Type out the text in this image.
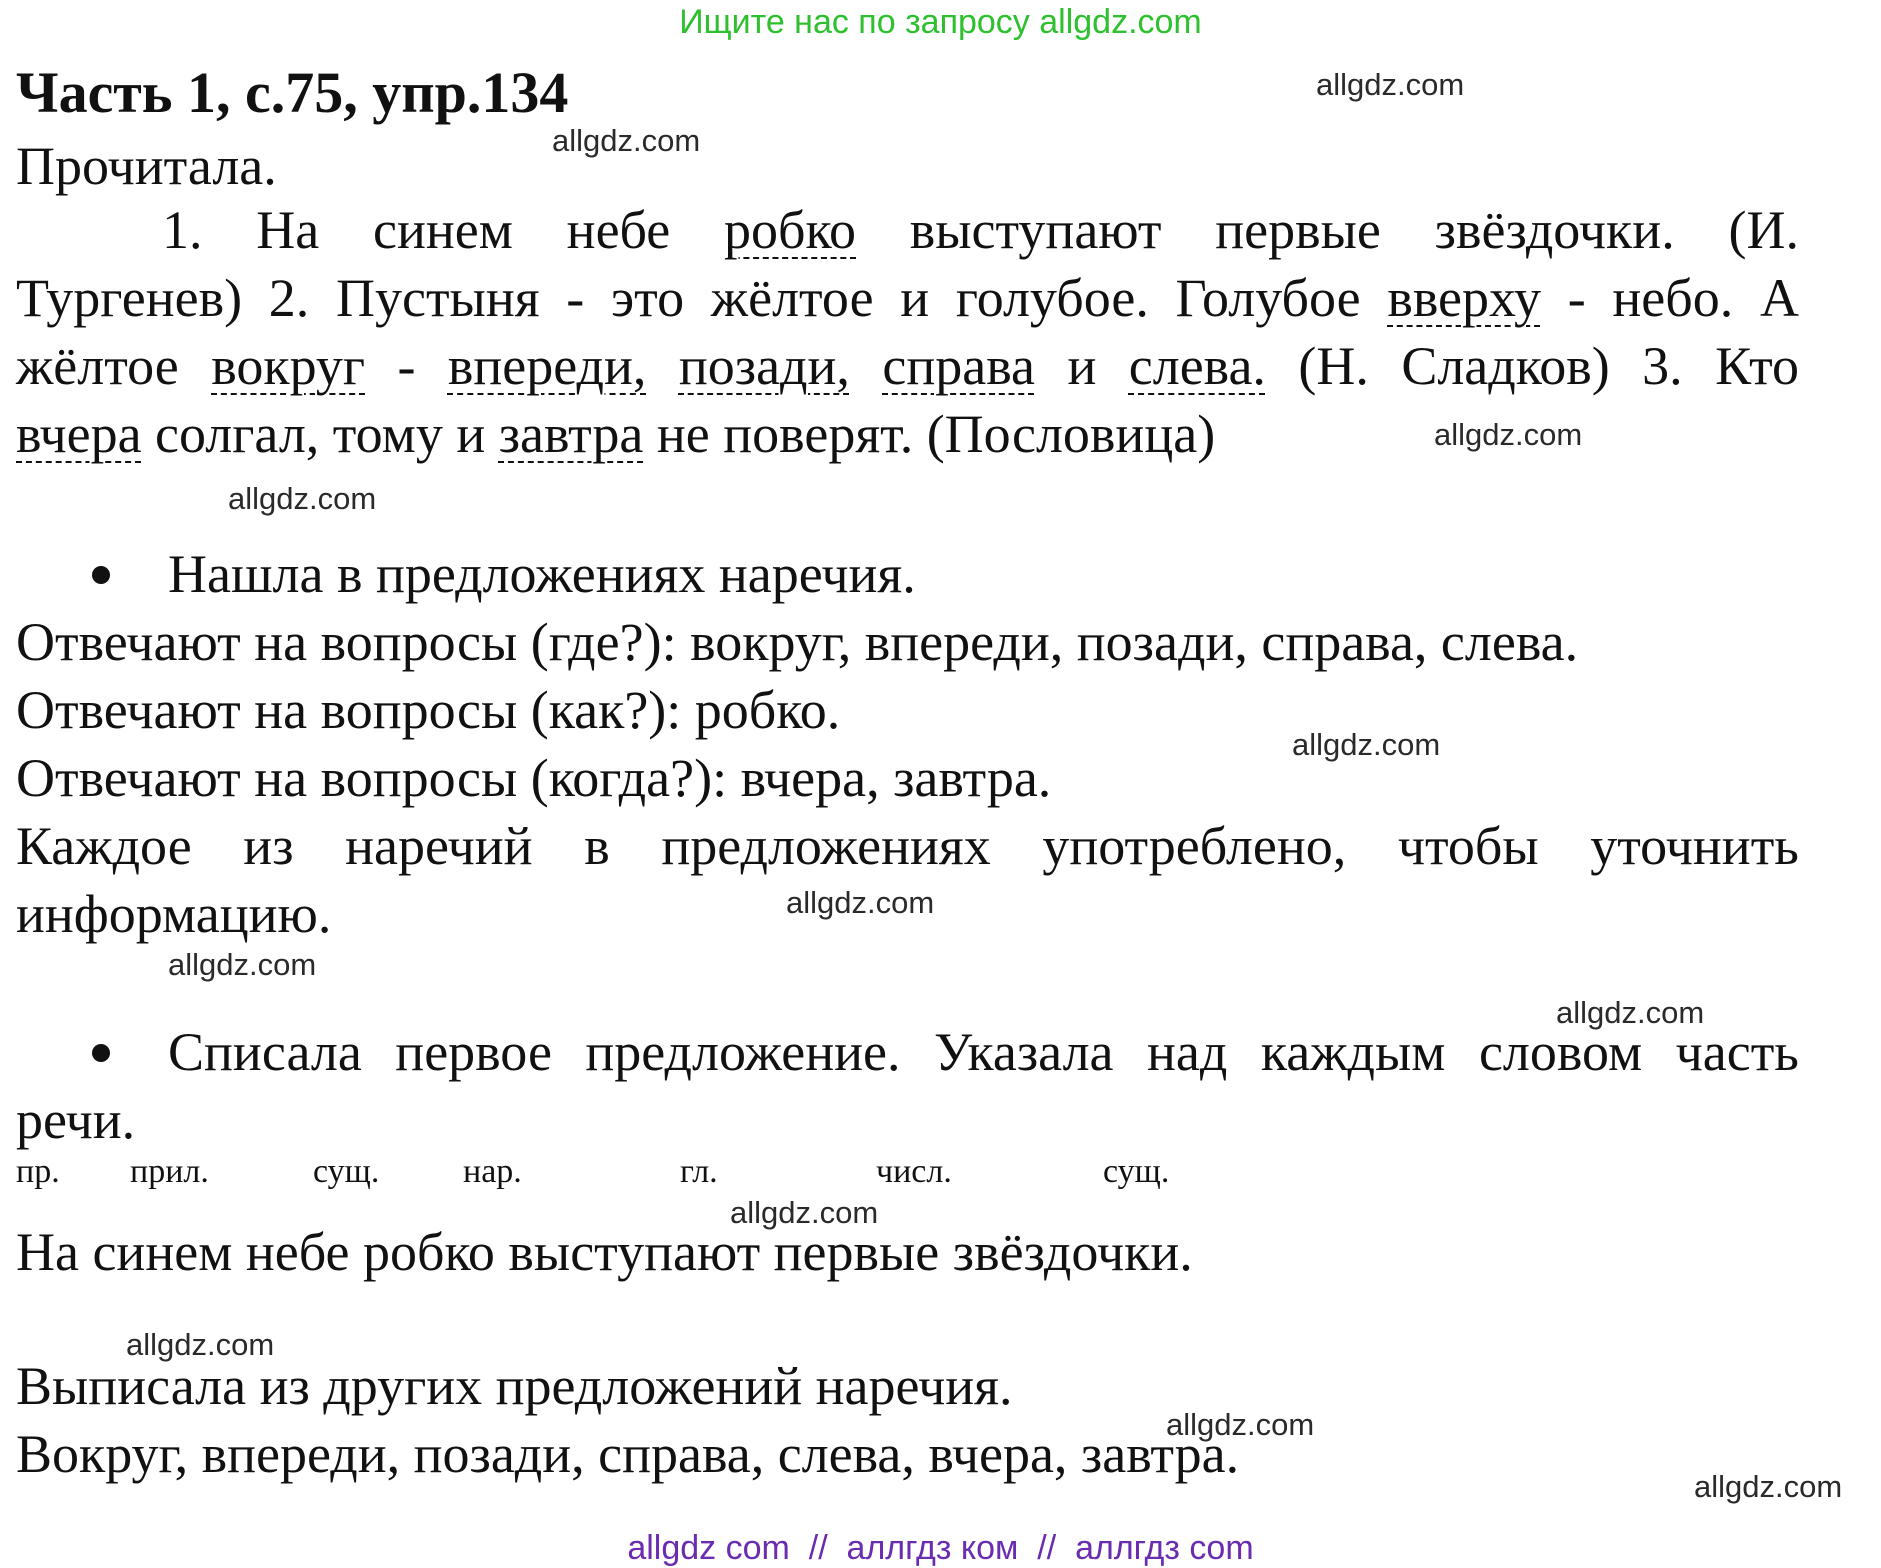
Ищите нас по запросу allgdz.com
Часть 1, с.75, упр.134
Прочитала.
1. На синем небе робко выступают первые звёздочки. (И.
Тургенев) 2. Пустыня - это жёлтое и голубое. Голубое вверху - небо. А
жёлтое вокруг - впереди, позади, справа и слева. (Н. Сладков) 3. Кто
вчера солгал, тому и завтра не поверят. (Пословица)
Нашла в предложениях наречия.
Отвечают на вопросы (где?): вокруг, впереди, позади, справа, слева.
Отвечают на вопросы (как?): робко.
Отвечают на вопросы (когда?): вчера, завтра.
Каждое из наречий в предложениях употреблено, чтобы уточнить
информацию.
Списала первое предложение. Указала над каждым словом часть
речи.
пр. прил.	сущ. нар.	гл.	числ.	сущ.
На синем небе робко выступают первые звёздочки.
Выписала из других предложений наречия.
Вокруг, впереди, позади, справа, слева, вчера, завтра.
allgdz.com
allgdz.com
allgdz.com
allgdz.com
allgdz.com
allgdz.com
allgdz.com
allgdz.com
allgdz.com
allgdz.com
allgdz.com
allgdz.com
allgdz com  //  аллгдз ком  //  аллгдз com
